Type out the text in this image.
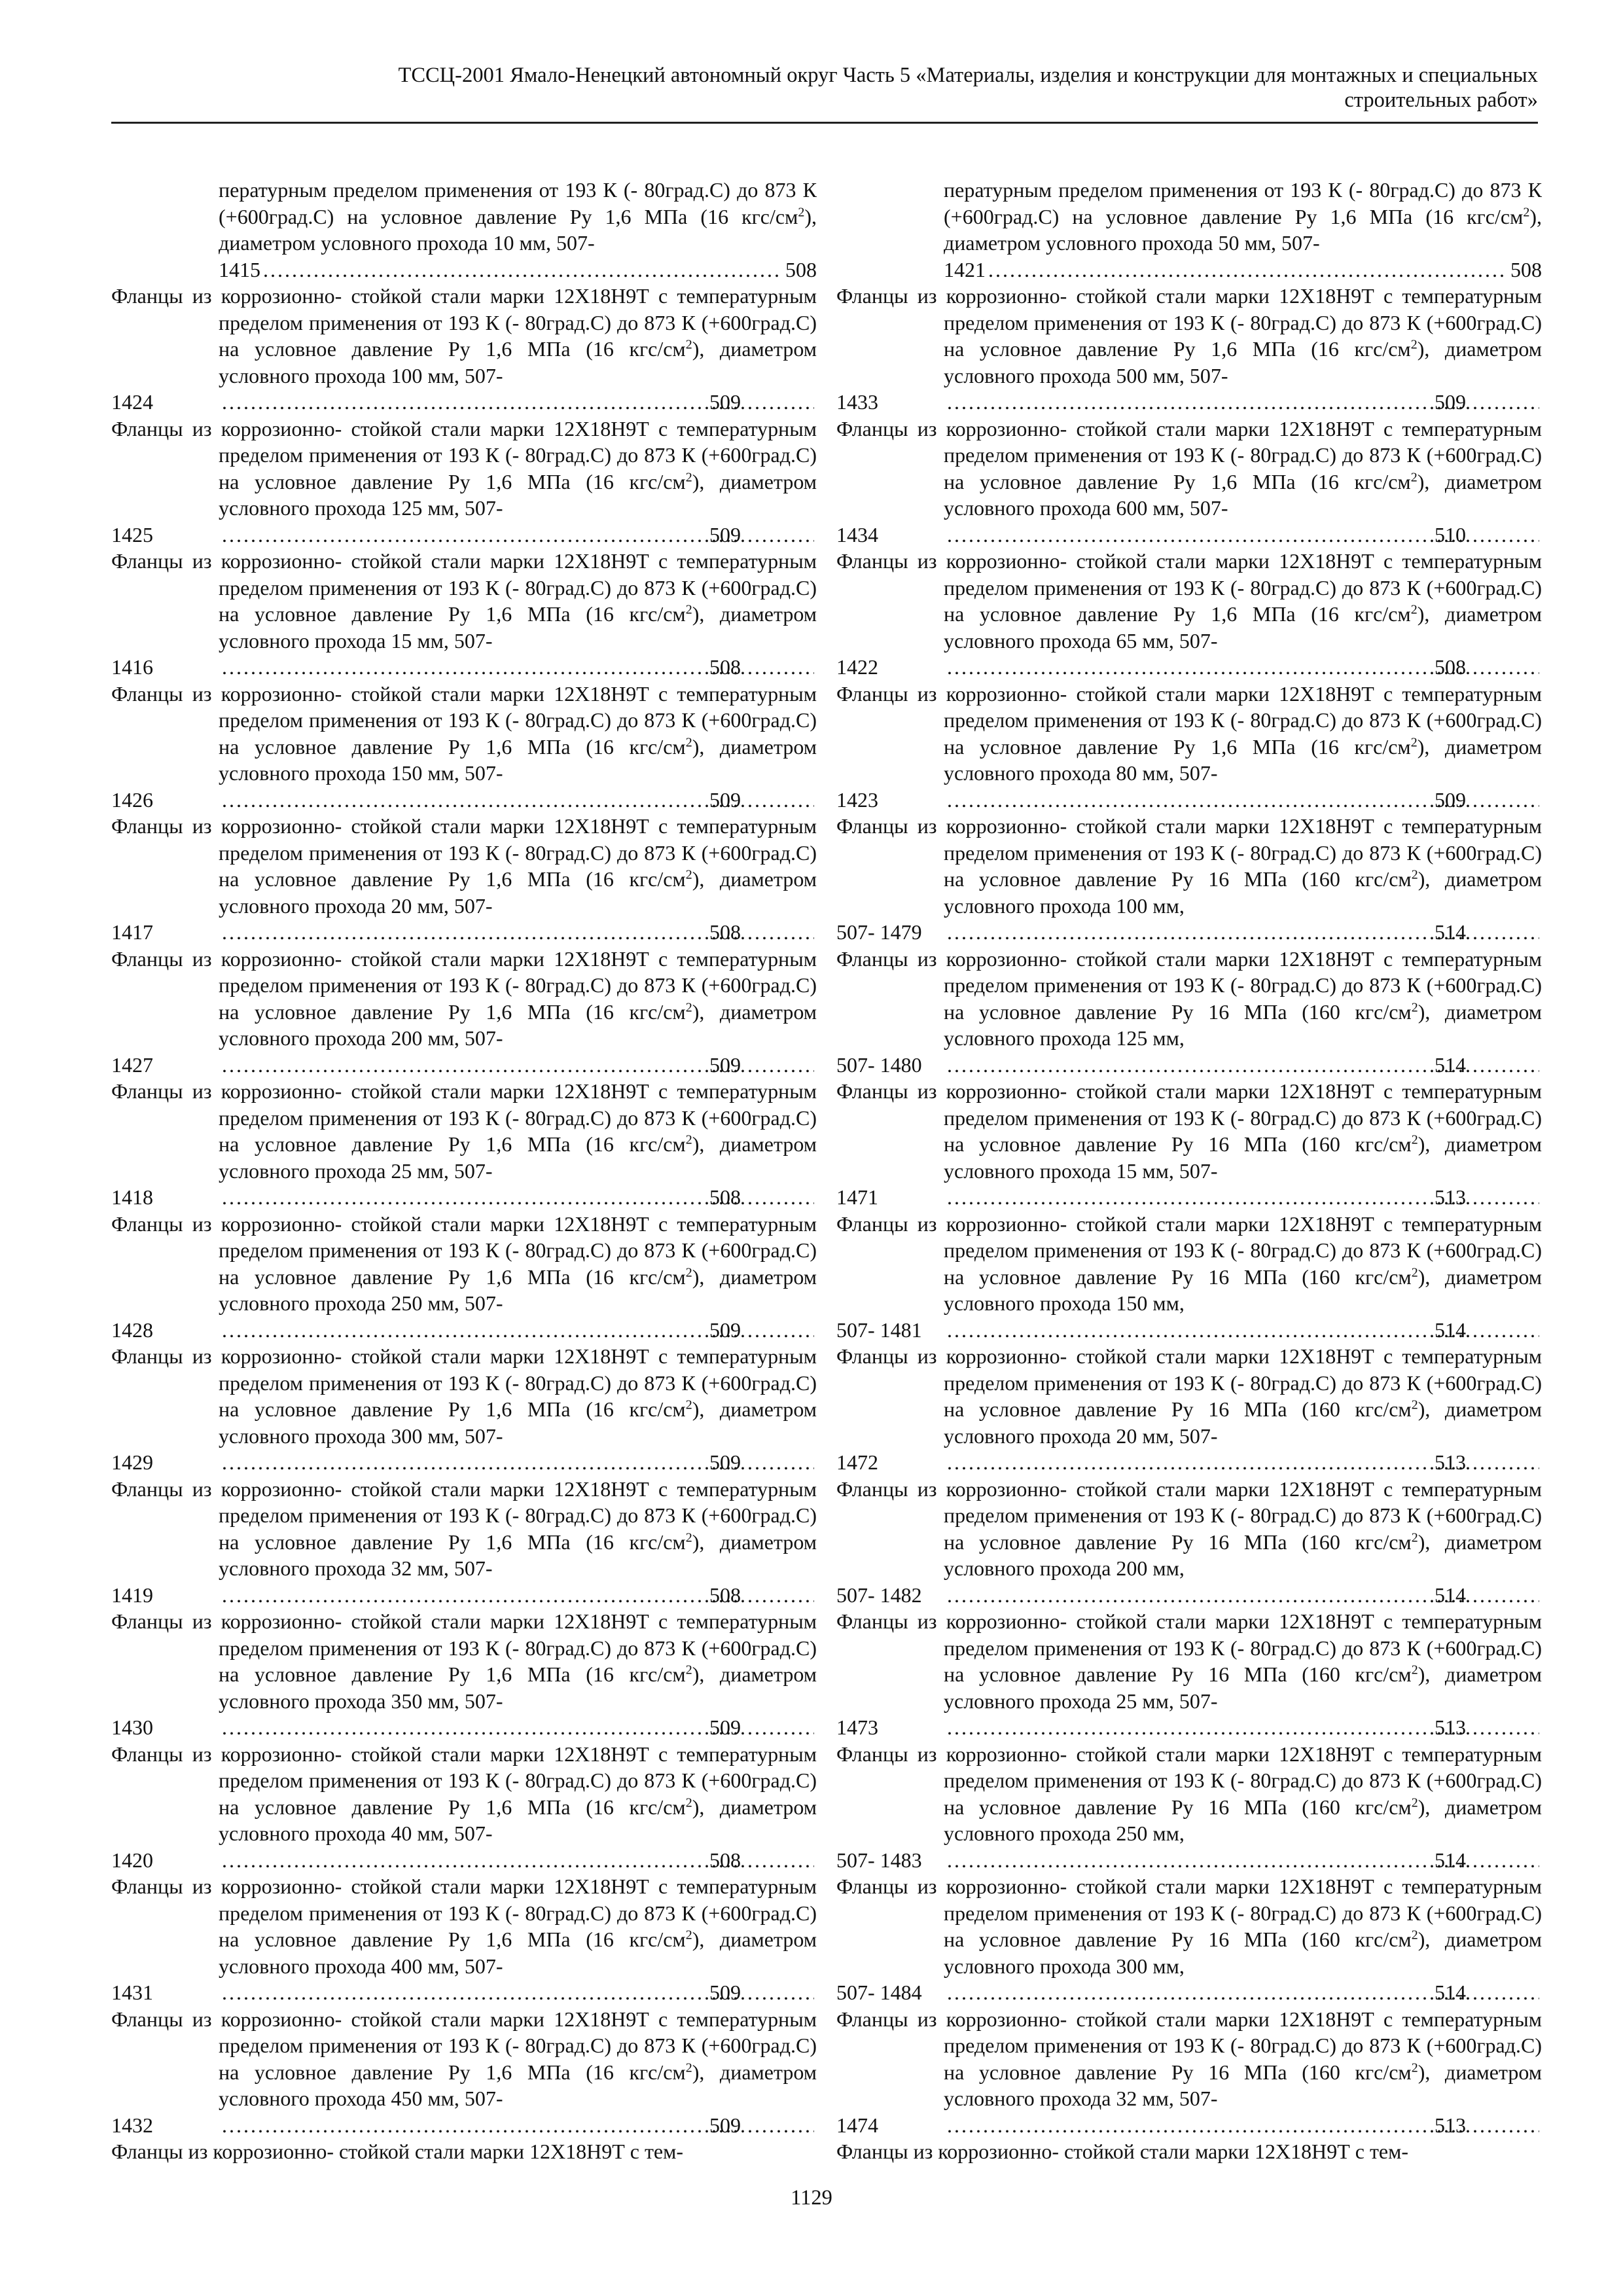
ТССЦ-2001 Ямало-Ненецкий автономный округ Часть 5 «Материалы, изделия и конструкции для монтажных и специальных
строительных работ»

пературным пределом применения от 193 К (- 80град.С) до 873 К (+600град.С) на условное давление Ру 1,6 МПа (16 кгс/$см^2$), диаметром условного прохода 10 мм, 507-
1415 .....	508

Фланцы из коррозионно- стойкой стали марки 12Х18Н9Т с температурным пределом применения от 193 К (- 80град.С) до 873 К (+600град.С) на условное давление Ру 1,6 МПа (16 кгс/$см^2$), диаметром условного прохода 100 мм, 507-
1424 .....	509

Фланцы из коррозионно- стойкой стали марки 12Х18Н9Т с температурным пределом применения от 193 К (- 80град.С) до 873 К (+600град.С) на условное давление Ру 1,6 МПа (16 кгс/$см^2$), диаметром условного прохода 125 мм, 507-
1425 .....	509

Фланцы из коррозионно- стойкой стали марки 12Х18Н9Т с температурным пределом применения от 193 К (- 80град.С) до 873 К (+600град.С) на условное давление Ру 1,6 МПа (16 кгс/$см^2$), диаметром условного прохода 15 мм, 507-
1416 .....	508

Фланцы из коррозионно- стойкой стали марки 12Х18Н9Т с температурным пределом применения от 193 К (- 80град.С) до 873 К (+600град.С) на условное давление Ру 1,6 МПа (16 кгс/$см^2$), диаметром условного прохода 150 мм, 507-
1426 .....	509

Фланцы из коррозионно- стойкой стали марки 12Х18Н9Т с температурным пределом применения от 193 К (- 80град.С) до 873 К (+600град.С) на условное давление Ру 1,6 МПа (16 кгс/$см^2$), диаметром условного прохода 20 мм, 507-
1417 .....	508

Фланцы из коррозионно- стойкой стали марки 12Х18Н9Т с температурным пределом применения от 193 К (- 80град.С) до 873 К (+600град.С) на условное давление Ру 1,6 МПа (16 кгс/$см^2$), диаметром условного прохода 200 мм, 507-
1427 .....	509

Фланцы из коррозионно- стойкой стали марки 12Х18Н9Т с температурным пределом применения от 193 К (- 80град.С) до 873 К (+600град.С) на условное давление Ру 1,6 МПа (16 кгс/$см^2$), диаметром условного прохода 25 мм, 507-
1418 .....	508

Фланцы из коррозионно- стойкой стали марки 12Х18Н9Т с температурным пределом применения от 193 К (- 80град.С) до 873 К (+600град.С) на условное давление Ру 1,6 МПа (16 кгс/$см^2$), диаметром условного прохода 250 мм, 507-
1428 .....	509

Фланцы из коррозионно- стойкой стали марки 12Х18Н9Т с температурным пределом применения от 193 К (- 80град.С) до 873 К (+600град.С) на условное давление Ру 1,6 МПа (16 кгс/$см^2$), диаметром условного прохода 300 мм, 507-
1429 .....	509

Фланцы из коррозионно- стойкой стали марки 12Х18Н9Т с температурным пределом применения от 193 К (- 80град.С) до 873 К (+600град.С) на условное давление Ру 1,6 МПа (16 кгс/$см^2$), диаметром условного прохода 32 мм, 507-
1419 .....	508

Фланцы из коррозионно- стойкой стали марки 12Х18Н9Т с температурным пределом применения от 193 К (- 80град.С) до 873 К (+600град.С) на условное давление Ру 1,6 МПа (16 кгс/$см^2$), диаметром условного прохода 350 мм, 507-
1430 .....	509

Фланцы из коррозионно- стойкой стали марки 12Х18Н9Т с температурным пределом применения от 193 К (- 80град.С) до 873 К (+600град.С) на условное давление Ру 1,6 МПа (16 кгс/$см^2$), диаметром условного прохода 40 мм, 507-
1420 .....	508

Фланцы из коррозионно- стойкой стали марки 12Х18Н9Т с температурным пределом применения от 193 К (- 80град.С) до 873 К (+600град.С) на условное давление Ру 1,6 МПа (16 кгс/$см^2$), диаметром условного прохода 400 мм, 507-
1431 .....	509

Фланцы из коррозионно- стойкой стали марки 12Х18Н9Т с температурным пределом применения от 193 К (- 80град.С) до 873 К (+600град.С) на условное давление Ру 1,6 МПа (16 кгс/$см^2$), диаметром условного прохода 450 мм, 507-
1432 .....	509

Фланцы из коррозионно- стойкой стали марки 12Х18Н9Т с тем-

пературным пределом применения от 193 К (- 80град.С) до 873 К (+600град.С) на условное давление Ру 1,6 МПа (16 кгс/$см^2$), диаметром условного прохода 50 мм, 507-
1421 .....	508

Фланцы из коррозионно- стойкой стали марки 12Х18Н9Т с температурным пределом применения от 193 К (- 80град.С) до 873 К (+600град.С) на условное давление Ру 1,6 МПа (16 кгс/$см^2$), диаметром условного прохода 500 мм, 507-
1433 .....	509

Фланцы из коррозионно- стойкой стали марки 12Х18Н9Т с температурным пределом применения от 193 К (- 80град.С) до 873 К (+600град.С) на условное давление Ру 1,6 МПа (16 кгс/$см^2$), диаметром условного прохода 600 мм, 507-
1434 .....	510

Фланцы из коррозионно- стойкой стали марки 12Х18Н9Т с температурным пределом применения от 193 К (- 80град.С) до 873 К (+600град.С) на условное давление Ру 1,6 МПа (16 кгс/$см^2$), диаметром условного прохода 65 мм, 507-
1422 .....	508

Фланцы из коррозионно- стойкой стали марки 12Х18Н9Т с температурным пределом применения от 193 К (- 80град.С) до 873 К (+600град.С) на условное давление Ру 1,6 МПа (16 кгс/$см^2$), диаметром условного прохода 80 мм, 507-
1423 .....	509

Фланцы из коррозионно- стойкой стали марки 12Х18Н9Т с температурным пределом применения от 193 К (- 80град.С) до 873 К (+600град.С) на условное давление Ру 16 МПа (160 кгс/$см^2$), диаметром условного прохода 100 мм,
507- 1479 .....	514

Фланцы из коррозионно- стойкой стали марки 12Х18Н9Т с температурным пределом применения от 193 К (- 80град.С) до 873 К (+600град.С) на условное давление Ру 16 МПа (160 кгс/$см^2$), диаметром условного прохода 125 мм,
507- 1480 .....	514

Фланцы из коррозионно- стойкой стали марки 12Х18Н9Т с температурным пределом применения от 193 К (- 80град.С) до 873 К (+600град.С) на условное давление Ру 16 МПа (160 кгс/$см^2$), диаметром условного прохода 15 мм, 507-
1471 .....	513

Фланцы из коррозионно- стойкой стали марки 12Х18Н9Т с температурным пределом применения от 193 К (- 80град.С) до 873 К (+600град.С) на условное давление Ру 16 МПа (160 кгс/$см^2$), диаметром условного прохода 150 мм,
507- 1481 .....	514

Фланцы из коррозионно- стойкой стали марки 12Х18Н9Т с температурным пределом применения от 193 К (- 80град.С) до 873 К (+600град.С) на условное давление Ру 16 МПа (160 кгс/$см^2$), диаметром условного прохода 20 мм, 507-
1472 .....	513

Фланцы из коррозионно- стойкой стали марки 12Х18Н9Т с температурным пределом применения от 193 К (- 80град.С) до 873 К (+600град.С) на условное давление Ру 16 МПа (160 кгс/$см^2$), диаметром условного прохода 200 мм,
507- 1482 .....	514

Фланцы из коррозионно- стойкой стали марки 12Х18Н9Т с температурным пределом применения от 193 К (- 80град.С) до 873 К (+600град.С) на условное давление Ру 16 МПа (160 кгс/$см^2$), диаметром условного прохода 25 мм, 507-
1473 .....	513

Фланцы из коррозионно- стойкой стали марки 12Х18Н9Т с температурным пределом применения от 193 К (- 80град.С) до 873 К (+600град.С) на условное давление Ру 16 МПа (160 кгс/$см^2$), диаметром условного прохода 250 мм,
507- 1483 .....	514

Фланцы из коррозионно- стойкой стали марки 12Х18Н9Т с температурным пределом применения от 193 К (- 80град.С) до 873 К (+600град.С) на условное давление Ру 16 МПа (160 кгс/$см^2$), диаметром условного прохода 300 мм,
507- 1484 .....	514

Фланцы из коррозионно- стойкой стали марки 12Х18Н9Т с температурным пределом применения от 193 К (- 80град.С) до 873 К (+600град.С) на условное давление Ру 16 МПа (160 кгс/$см^2$), диаметром условного прохода 32 мм, 507-
1474 .....	513

Фланцы из коррозионно- стойкой стали марки 12Х18Н9Т с тем-

1129
